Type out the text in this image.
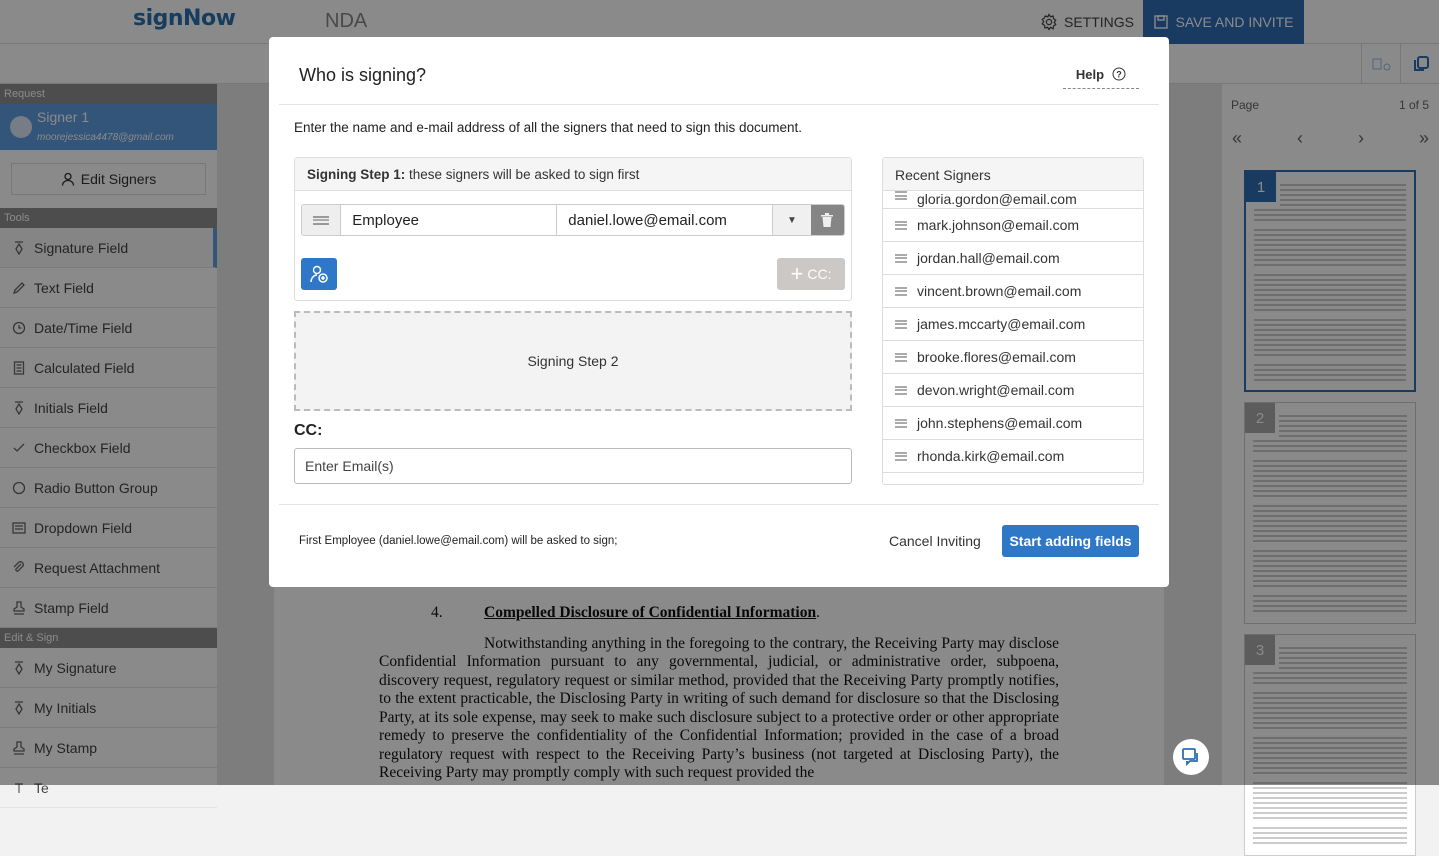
signNow	NDA	SETTINGS	SAVE AND INVITE
Request
Signer 1
moorejessica4478@gmail.com
Edit Signers
Tools
Signature Field
Text Field
Date/Time Field
Calculated Field
Initials Field
Checkbox Field
Radio Button Group
Dropdown Field
Request Attachment
Stamp Field
Edit & Sign
My Signature
My Initials
My Stamp
Te
4.	Compelled Disclosure of Confidential Information.
Notwithstanding anything in the foregoing to the contrary, the Receiving Party may disclose Confidential Information pursuant to any governmental, judicial, or administrative order, subpoena, discovery request, regulatory request or similar method, provided that the Receiving Party promptly notifies, to the extent practicable, the Disclosing Party in writing of such demand for disclosure so that the Disclosing Party, at its sole expense, may seek to make such disclosure subject to a protective order or other appropriate remedy to preserve the confidentiality of the Confidential Information; provided in the case of a broad regulatory request with respect to the Receiving Party’s business (not targeted at Disclosing Party), the Receiving Party may promptly comply with such request provided the
Page	1 of 5
«	‹	›	»
1
2
3
Who is signing?	Help ?
Enter the name and e-mail address of all the signers that need to sign this document.
Signing Step 1: these signers will be asked to sign first
Employee
daniel.lowe@email.com
▼
+ CC:
Signing Step 2
CC:
Enter Email(s)
Recent Signers
gloria.gordon@email.com
mark.johnson@email.com
jordan.hall@email.com
vincent.brown@email.com
james.mccarty@email.com
brooke.flores@email.com
devon.wright@email.com
john.stephens@email.com
rhonda.kirk@email.com
First Employee (daniel.lowe@email.com) will be asked to sign;	Cancel Inviting	Start adding fields
